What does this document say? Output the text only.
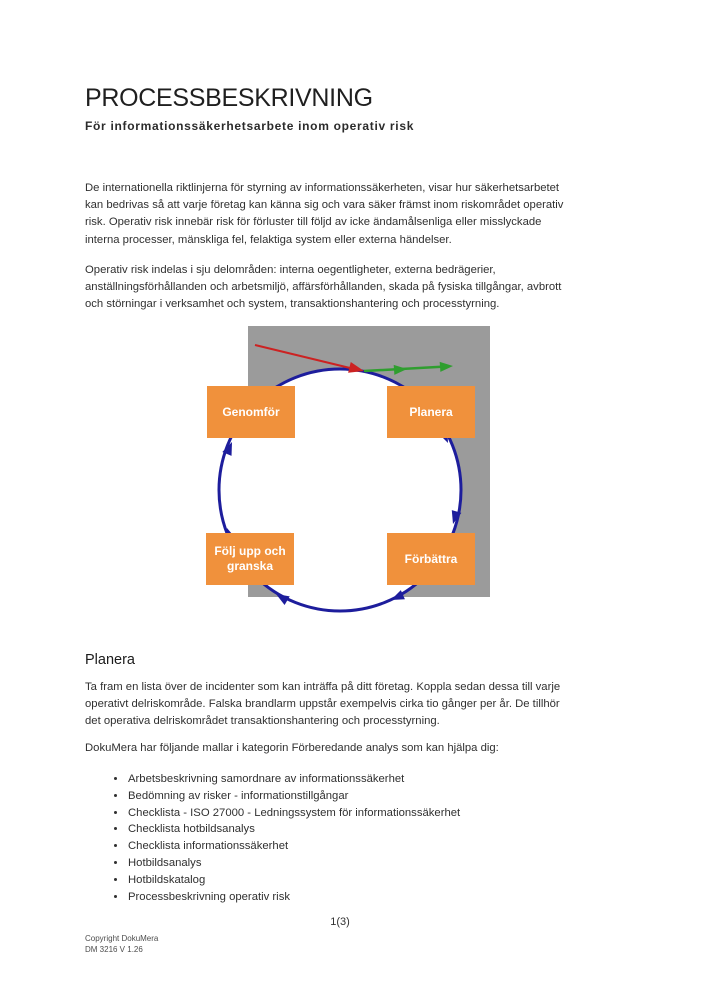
PROCESSBESKRIVNING
För informationssäkerhetsarbete inom operativ risk
De internationella riktlinjerna för styrning av informationssäkerheten, visar hur säkerhetsarbetet
kan bedrivas så att varje företag kan känna sig och vara säker främst inom riskområdet operativ
risk. Operativ risk innebär risk för förluster till följd av icke ändamålsenliga eller misslyckade
interna processer, mänskliga fel, felaktiga system eller externa händelser.
Operativ risk indelas i sju delområden: interna oegentligheter, externa bedrägerier,
anställningsförhållanden och arbetsmiljö, affärsförhållanden, skada på fysiska tillgångar, avbrott
och störningar i verksamhet och system, transaktionshantering och processtyrning.
Genomför	Planera
Följ upp och granska
Förbättra
Planera
Ta fram en lista över de incidenter som kan inträffa på ditt företag. Koppla sedan dessa till varje
operativt delriskområde. Falska brandlarm uppstår exempelvis cirka tio gånger per år. De tillhör
det operativa delriskområdet transaktionshantering och processtyrning.
DokuMera har följande mallar i kategorin Förberedande analys som kan hjälpa dig:
• Arbetsbeskrivning samordnare av informationssäkerhet
• Bedömning av risker - informationstillgångar
• Checklista - ISO 27000 - Ledningssystem för informationssäkerhet
• Checklista hotbildsanalys
• Checklista informationssäkerhet
• Hotbildsanalys
• Hotbildskatalog
• Processbeskrivning operativ risk
1(3)
Copyright DokuMera
DM 3216 V 1.26
